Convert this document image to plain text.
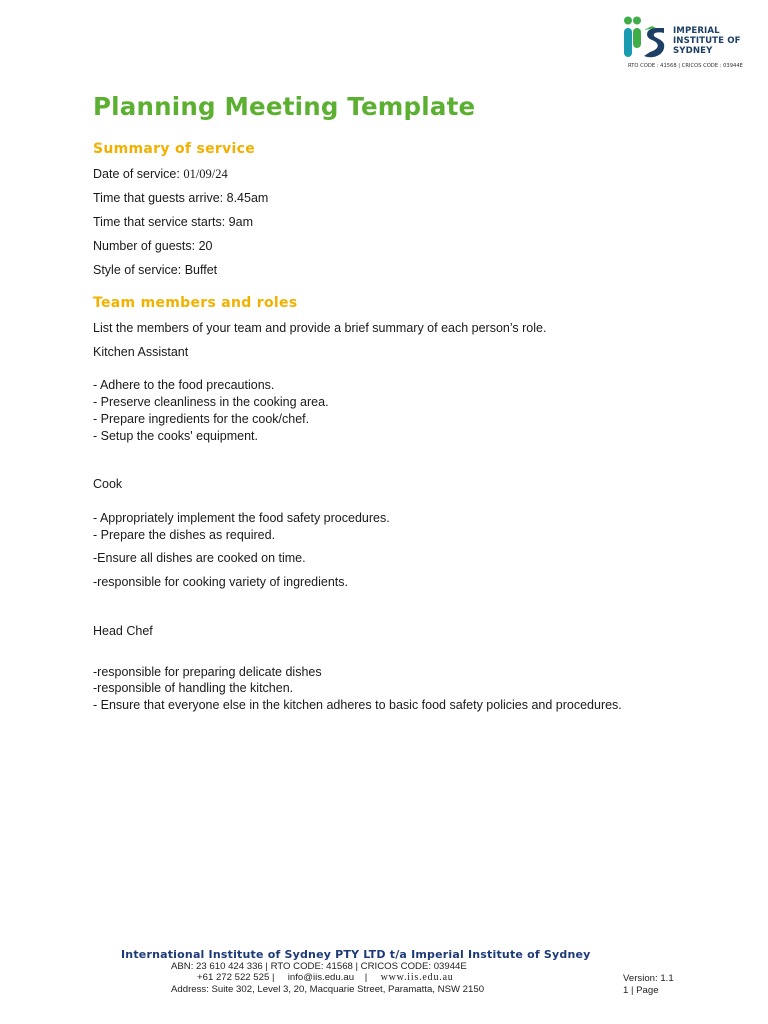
IMPERIAL
INSTITUTE OF
SYDNEY
RTO CODE : 41568 | CRICOS CODE : 03944E
Planning Meeting Template
Summary of service
Date of service: 01/09/24
Time that guests arrive: 8.45am
Time that service starts: 9am
Number of guests: 20
Style of service: Buffet
Team members and roles
List the members of your team and provide a brief summary of each person’s role.
Kitchen Assistant
- Adhere to the food precautions.
- Preserve cleanliness in the cooking area.
- Prepare ingredients for the cook/chef.
- Setup the cooks' equipment.
Cook
- Appropriately implement the food safety procedures.
- Prepare the dishes as required.
-Ensure all dishes are cooked on time.
-responsible for cooking variety of ingredients.
Head Chef
-responsible for preparing delicate dishes
-responsible of handling the kitchen.
- Ensure that everyone else in the kitchen adheres to basic food safety policies and procedures.
International Institute of Sydney PTY LTD t/a Imperial Institute of Sydney
ABN: 23 610 424 336 | RTO CODE: 41568 | CRICOS CODE: 03944E
+61 272 522 525 | info@iis.edu.au | www.iis.edu.au
Address: Suite 302, Level 3, 20, Macquarie Street, Paramatta, NSW 2150
Version: 1.1
1 | Page
